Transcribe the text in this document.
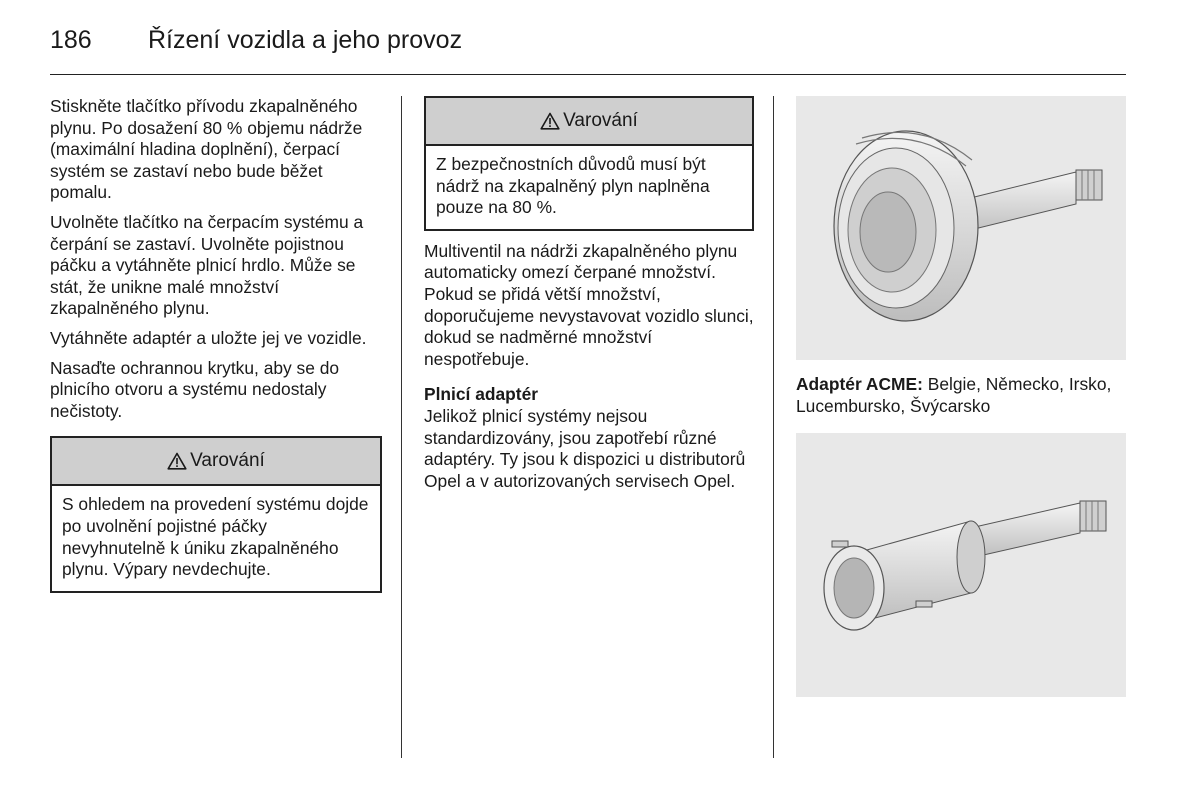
186 Řízení vozidla a jeho provoz

Stiskněte tlačítko přívodu zkapalněného plynu. Po dosažení 80 % objemu nádrže (maximální hladina doplnění), čerpací systém se zastaví nebo bude běžet pomalu.

Uvolněte tlačítko na čerpacím systému a čerpání se zastaví. Uvolněte pojistnou páčku a vytáhněte plnicí hrdlo. Může se stát, že unikne malé množství zkapalněného plynu.

Vytáhněte adaptér a uložte jej ve vozidle.

Nasaďte ochrannou krytku, aby se do plnicího otvoru a systému nedostaly nečistoty.

Varování
S ohledem na provedení systému dojde po uvolnění pojistné páčky nevyhnutelně k úniku zkapalněného plynu. Výpary nevdechujte.
Varování
Z bezpečnostních důvodů musí být nádrž na zkapalněný plyn naplněna pouze na 80 %.

Multiventil na nádrži zkapalněného plynu automaticky omezí čerpané množství. Pokud se přidá větší množství, doporučujeme nevystavovat vozidlo slunci, dokud se nadměrné množství nespotřebuje.

Plnicí adaptér

Jelikož plnicí systémy nejsou standardizovány, jsou zapotřebí různé adaptéry. Ty jsou k dispozici u distributorů Opel a v autorizovaných servisech Opel.

Adaptér ACME: Belgie, Německo, Irsko, Lucembursko, Švýcarsko
